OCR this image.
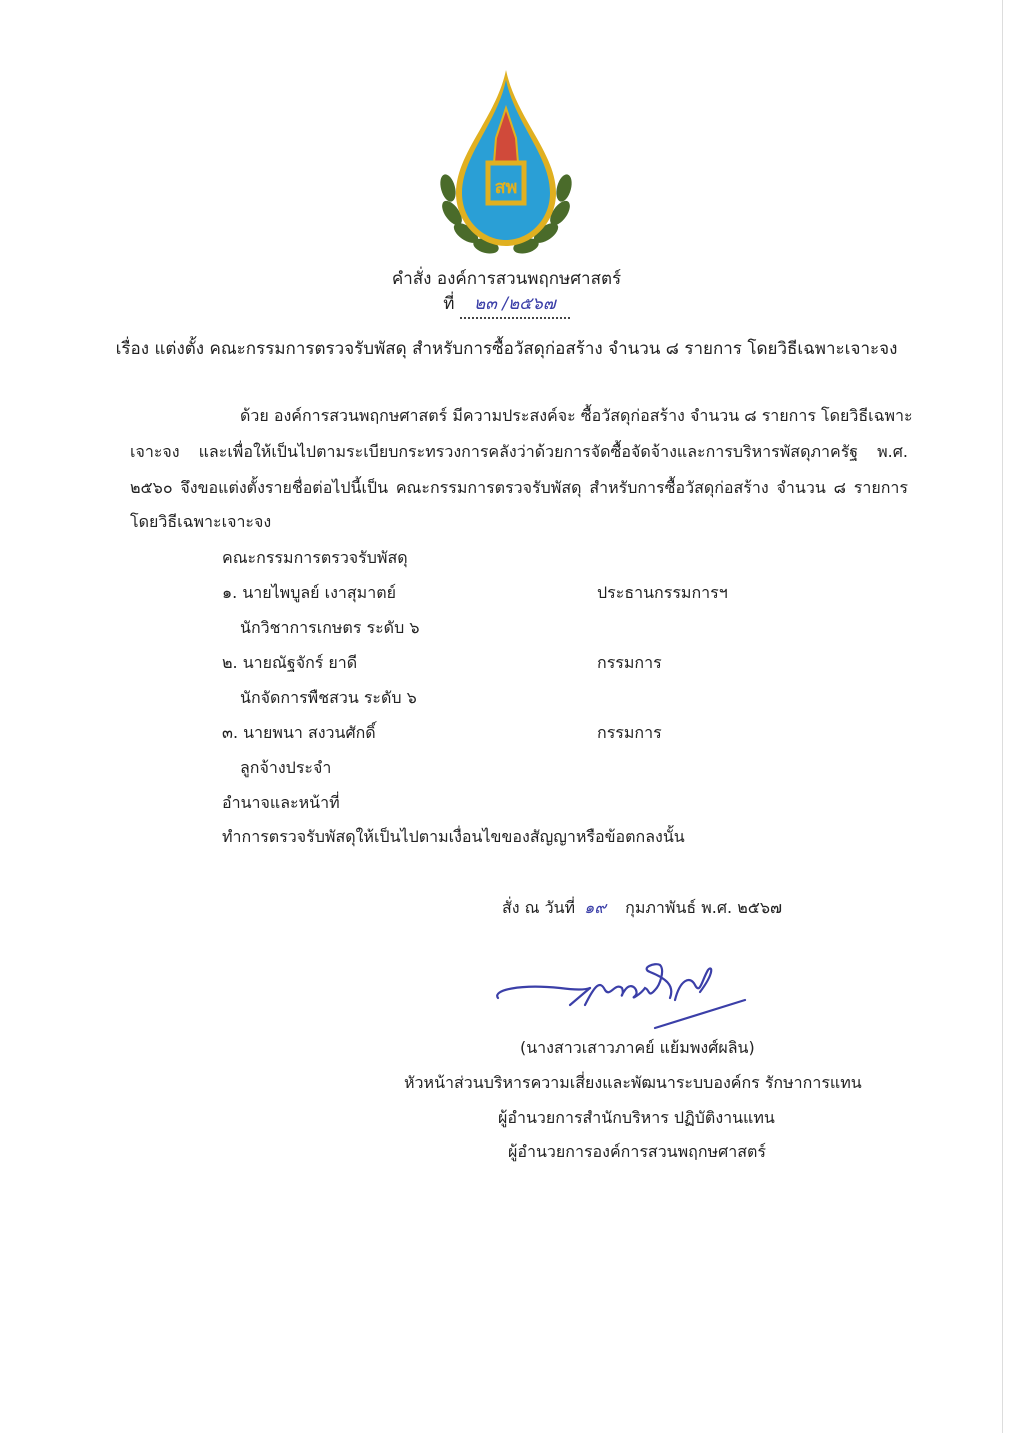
สพ
คำสั่ง องค์การสวนพฤกษศาสตร์
ที่ ๒๓ /๒๕๖๗
เรื่อง แต่งตั้ง คณะกรรมการตรวจรับพัสดุ สำหรับการซื้อวัสดุก่อสร้าง จำนวน ๘ รายการ โดยวิธีเฉพาะเจาะจง
ด้วย องค์การสวนพฤกษศาสตร์ มีความประสงค์จะ ซื้อวัสดุก่อสร้าง จำนวน ๘ รายการ โดยวิธีเฉพาะ
เจาะจง และเพื่อให้เป็นไปตามระเบียบกระทรวงการคลังว่าด้วยการจัดซื้อจัดจ้างและการบริหารพัสดุภาครัฐ พ.ศ.
๒๕๖๐ จึงขอแต่งตั้งรายชื่อต่อไปนี้เป็น คณะกรรมการตรวจรับพัสดุ สำหรับการซื้อวัสดุก่อสร้าง จำนวน ๘ รายการ
โดยวิธีเฉพาะเจาะจง
คณะกรรมการตรวจรับพัสดุ
๑. นายไพบูลย์ เงาสุมาตย์	ประธานกรรมการฯ
นักวิชาการเกษตร ระดับ ๖
๒. นายณัฐจักร์ ยาดี	กรรมการ
นักจัดการพืชสวน ระดับ ๖
๓. นายพนา สงวนศักดิ์	กรรมการ
ลูกจ้างประจำ
อำนาจและหน้าที่
ทำการตรวจรับพัสดุให้เป็นไปตามเงื่อนไขของสัญญาหรือข้อตกลงนั้น
สั่ง ณ วันที่ ๑๙ กุมภาพันธ์ พ.ศ. ๒๕๖๗
(นางสาวเสาวภาคย์ แย้มพงศ์ผลิน)
หัวหน้าส่วนบริหารความเสี่ยงและพัฒนาระบบองค์กร รักษาการแทน
ผู้อำนวยการสำนักบริหาร ปฏิบัติงานแทน
ผู้อำนวยการองค์การสวนพฤกษศาสตร์
